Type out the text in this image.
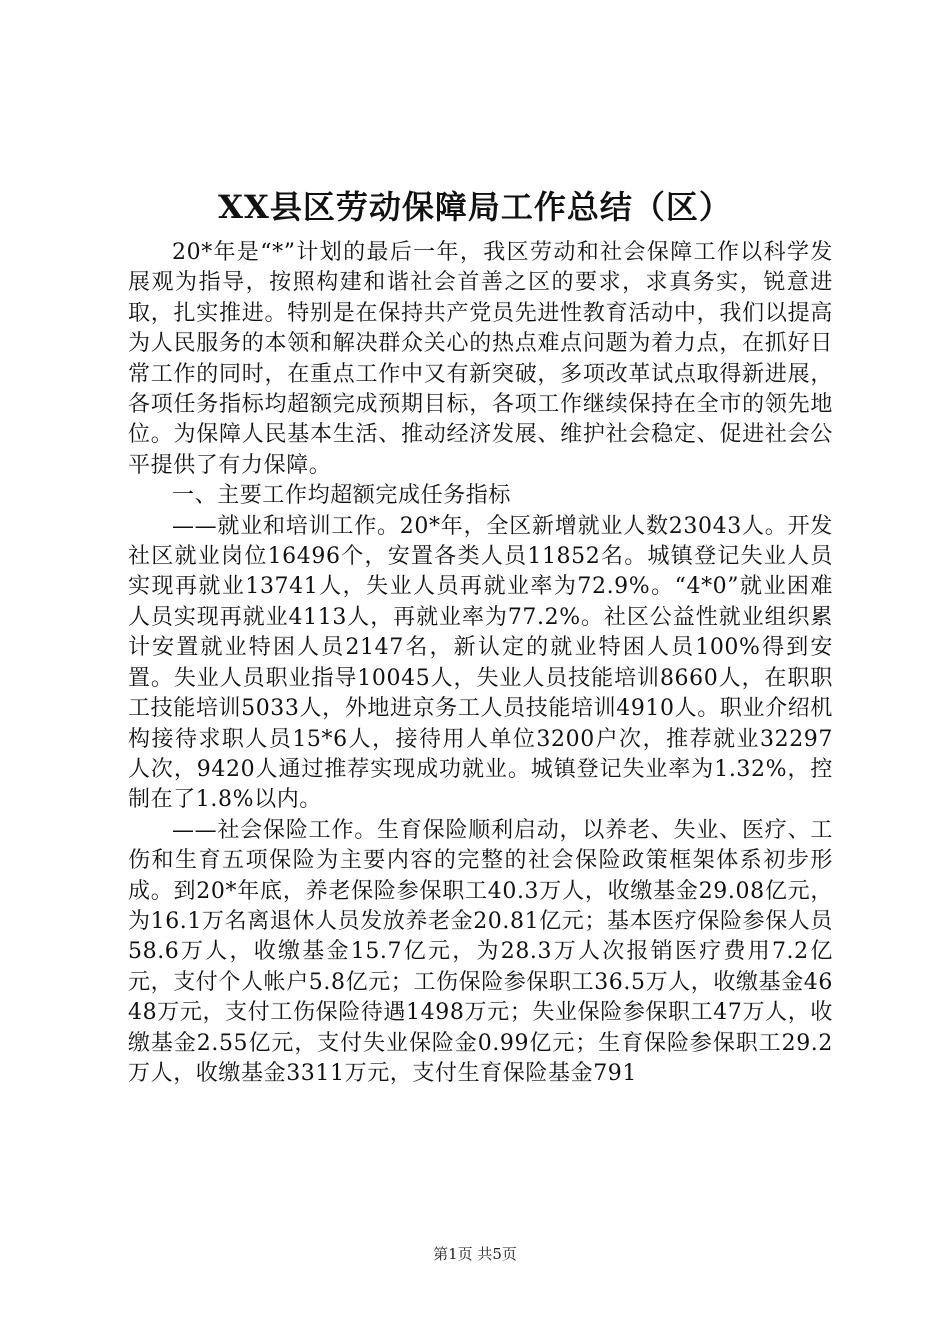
XX县区劳动保障局工作总结（区）

20*年是“*”计划的最后一年，我区劳动和社会保障工作以科学发展观为指导，按照构建和谐社会首善之区的要求，求真务实，锐意进取，扎实推进。特别是在保持共产党员先进性教育活动中，我们以提高为人民服务的本领和解决群众关心的热点难点问题为着力点，在抓好日常工作的同时，在重点工作中又有新突破，多项改革试点取得新进展，各项任务指标均超额完成预期目标，各项工作继续保持在全市的领先地位。为保障人民基本生活、推动经济发展、维护社会稳定、促进社会公平提供了有力保障。

一、主要工作均超额完成任务指标

——就业和培训工作。20*年，全区新增就业人数23043人。开发社区就业岗位16496个，安置各类人员11852名。城镇登记失业人员实现再就业13741人，失业人员再就业率为72.9%。“4*0”就业困难人员实现再就业4113人，再就业率为77.2%。社区公益性就业组织累计安置就业特困人员2147名，新认定的就业特困人员100%得到安置。失业人员职业指导10045人，失业人员技能培训8660人，在职职工技能培训5033人，外地进京务工人员技能培训4910人。职业介绍机构接待求职人员15*6人，接待用人单位3200户次，推荐就业32297人次，9420人通过推荐实现成功就业。城镇登记失业率为1.32%，控制在了1.8%以内。

——社会保险工作。生育保险顺利启动，以养老、失业、医疗、工伤和生育五项保险为主要内容的完整的社会保险政策框架体系初步形成。到20*年底，养老保险参保职工40.3万人，收缴基金29.08亿元，为16.1万名离退休人员发放养老金20.81亿元；基本医疗保险参保人员58.6万人，收缴基金15.7亿元，为28.3万人次报销医疗费用7.2亿元，支付个人帐户5.8亿元；工伤保险参保职工36.5万人，收缴基金4648万元，支付工伤保险待遇1498万元；失业保险参保职工47万人，收缴基金2.55亿元，支付失业保险金0.99亿元；生育保险参保职工29.2万人，收缴基金3311万元，支付生育保险基金791

第1页 共5页
